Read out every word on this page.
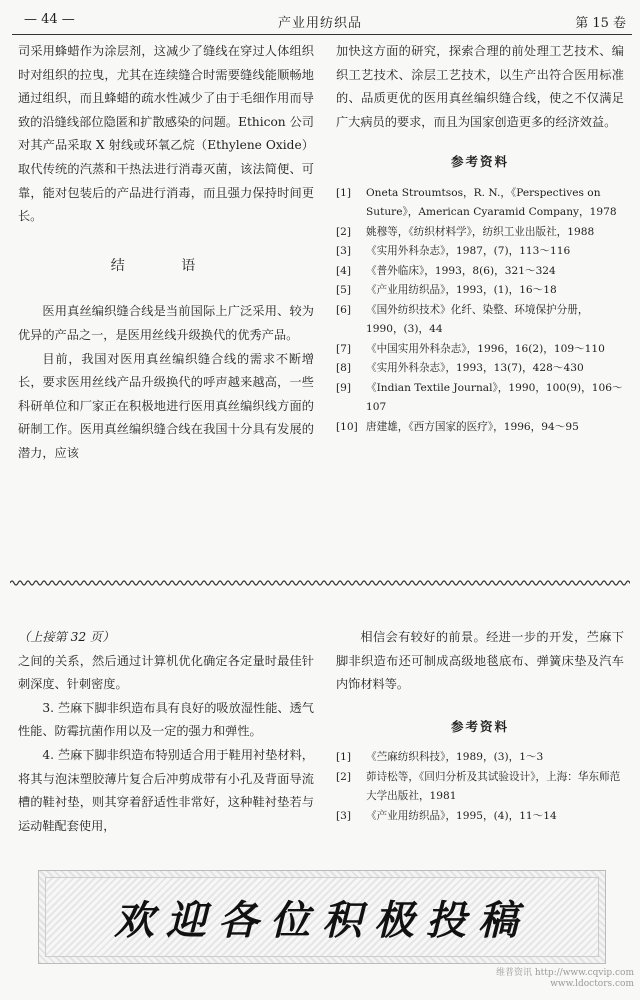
— 44 —	产业用纺织品	第 15 卷

司采用蜂蜡作为涂层剂，这减少了缝线在穿过人体组织时对组织的拉曳，尤其在连续缝合时需要缝线能顺畅地通过组织，而且蜂蜡的疏水性减少了由于毛细作用而导致的沿缝线部位隐匿和扩散感染的问题。Ethicon 公司对其产品采取 X 射线或环氧乙烷（Ethylene Oxide）取代传统的汽蒸和干热法进行消毒灭菌，该法简便、可靠，能对包装后的产品进行消毒，而且强力保持时间更长。

结 语

医用真丝编织缝合线是当前国际上广泛采用、较为优异的产品之一，是医用丝线升级换代的优秀产品。

目前，我国对医用真丝编织缝合线的需求不断增长，要求医用丝线产品升级换代的呼声越来越高，一些科研单位和厂家正在积极地进行医用真丝编织线方面的研制工作。医用真丝编织缝合线在我国十分具有发展的潜力，应该

加快这方面的研究，探索合理的前处理工艺技术、编织工艺技术、涂层工艺技术，以生产出符合医用标准的、品质更优的医用真丝编织缝合线，使之不仅满足广大病员的要求，而且为国家创造更多的经济效益。

参考资料
[1] Oneta Stroumtsos，R. N.，《Perspectives on Suture》，American Cyaramid Company，1978
[2] 姚穆等，《纺织材料学》，纺织工业出版社，1988
[3] 《实用外科杂志》，1987，(7)，113～116
[4] 《普外临床》，1993，8(6)，321～324
[5] 《产业用纺织品》，1993，(1)，16～18
[6] 《国外纺织技术》化纤、染整、环境保护分册，1990，(3)，44
[7] 《中国实用外科杂志》，1996，16(2)，109～110
[8] 《实用外科杂志》，1993，13(7)，428～430
[9] 《Indian Textile Journal》，1990，100(9)，106～107
[10] 唐建雄，《西方国家的医疗》，1996，94～95

（上接第 32 页）

之间的关系，然后通过计算机优化确定各定量时最佳针刺深度、针刺密度。

3. 苎麻下脚非织造布具有良好的吸放湿性能、透气性能、防霉抗菌作用以及一定的强力和弹性。

4. 苎麻下脚非织造布特别适合用于鞋用衬垫材料，将其与泡沫塑胶薄片复合后冲剪成带有小孔及背面导流槽的鞋衬垫，则其穿着舒适性非常好，这种鞋衬垫若与运动鞋配套使用，

相信会有较好的前景。经进一步的开发，苎麻下脚非织造布还可制成高级地毯底布、弹簧床垫及汽车内饰材料等。

参考资料
[1] 《苎麻纺织科技》，1989，(3)，1～3
[2] 茆诗松等，《回归分析及其试验设计》，上海：华东师范大学出版社，1981
[3] 《产业用纺织品》，1995，(4)，11～14
欢迎各位积极投稿
维普资讯 http://www.cqvip.com
www.ldoctors.com
